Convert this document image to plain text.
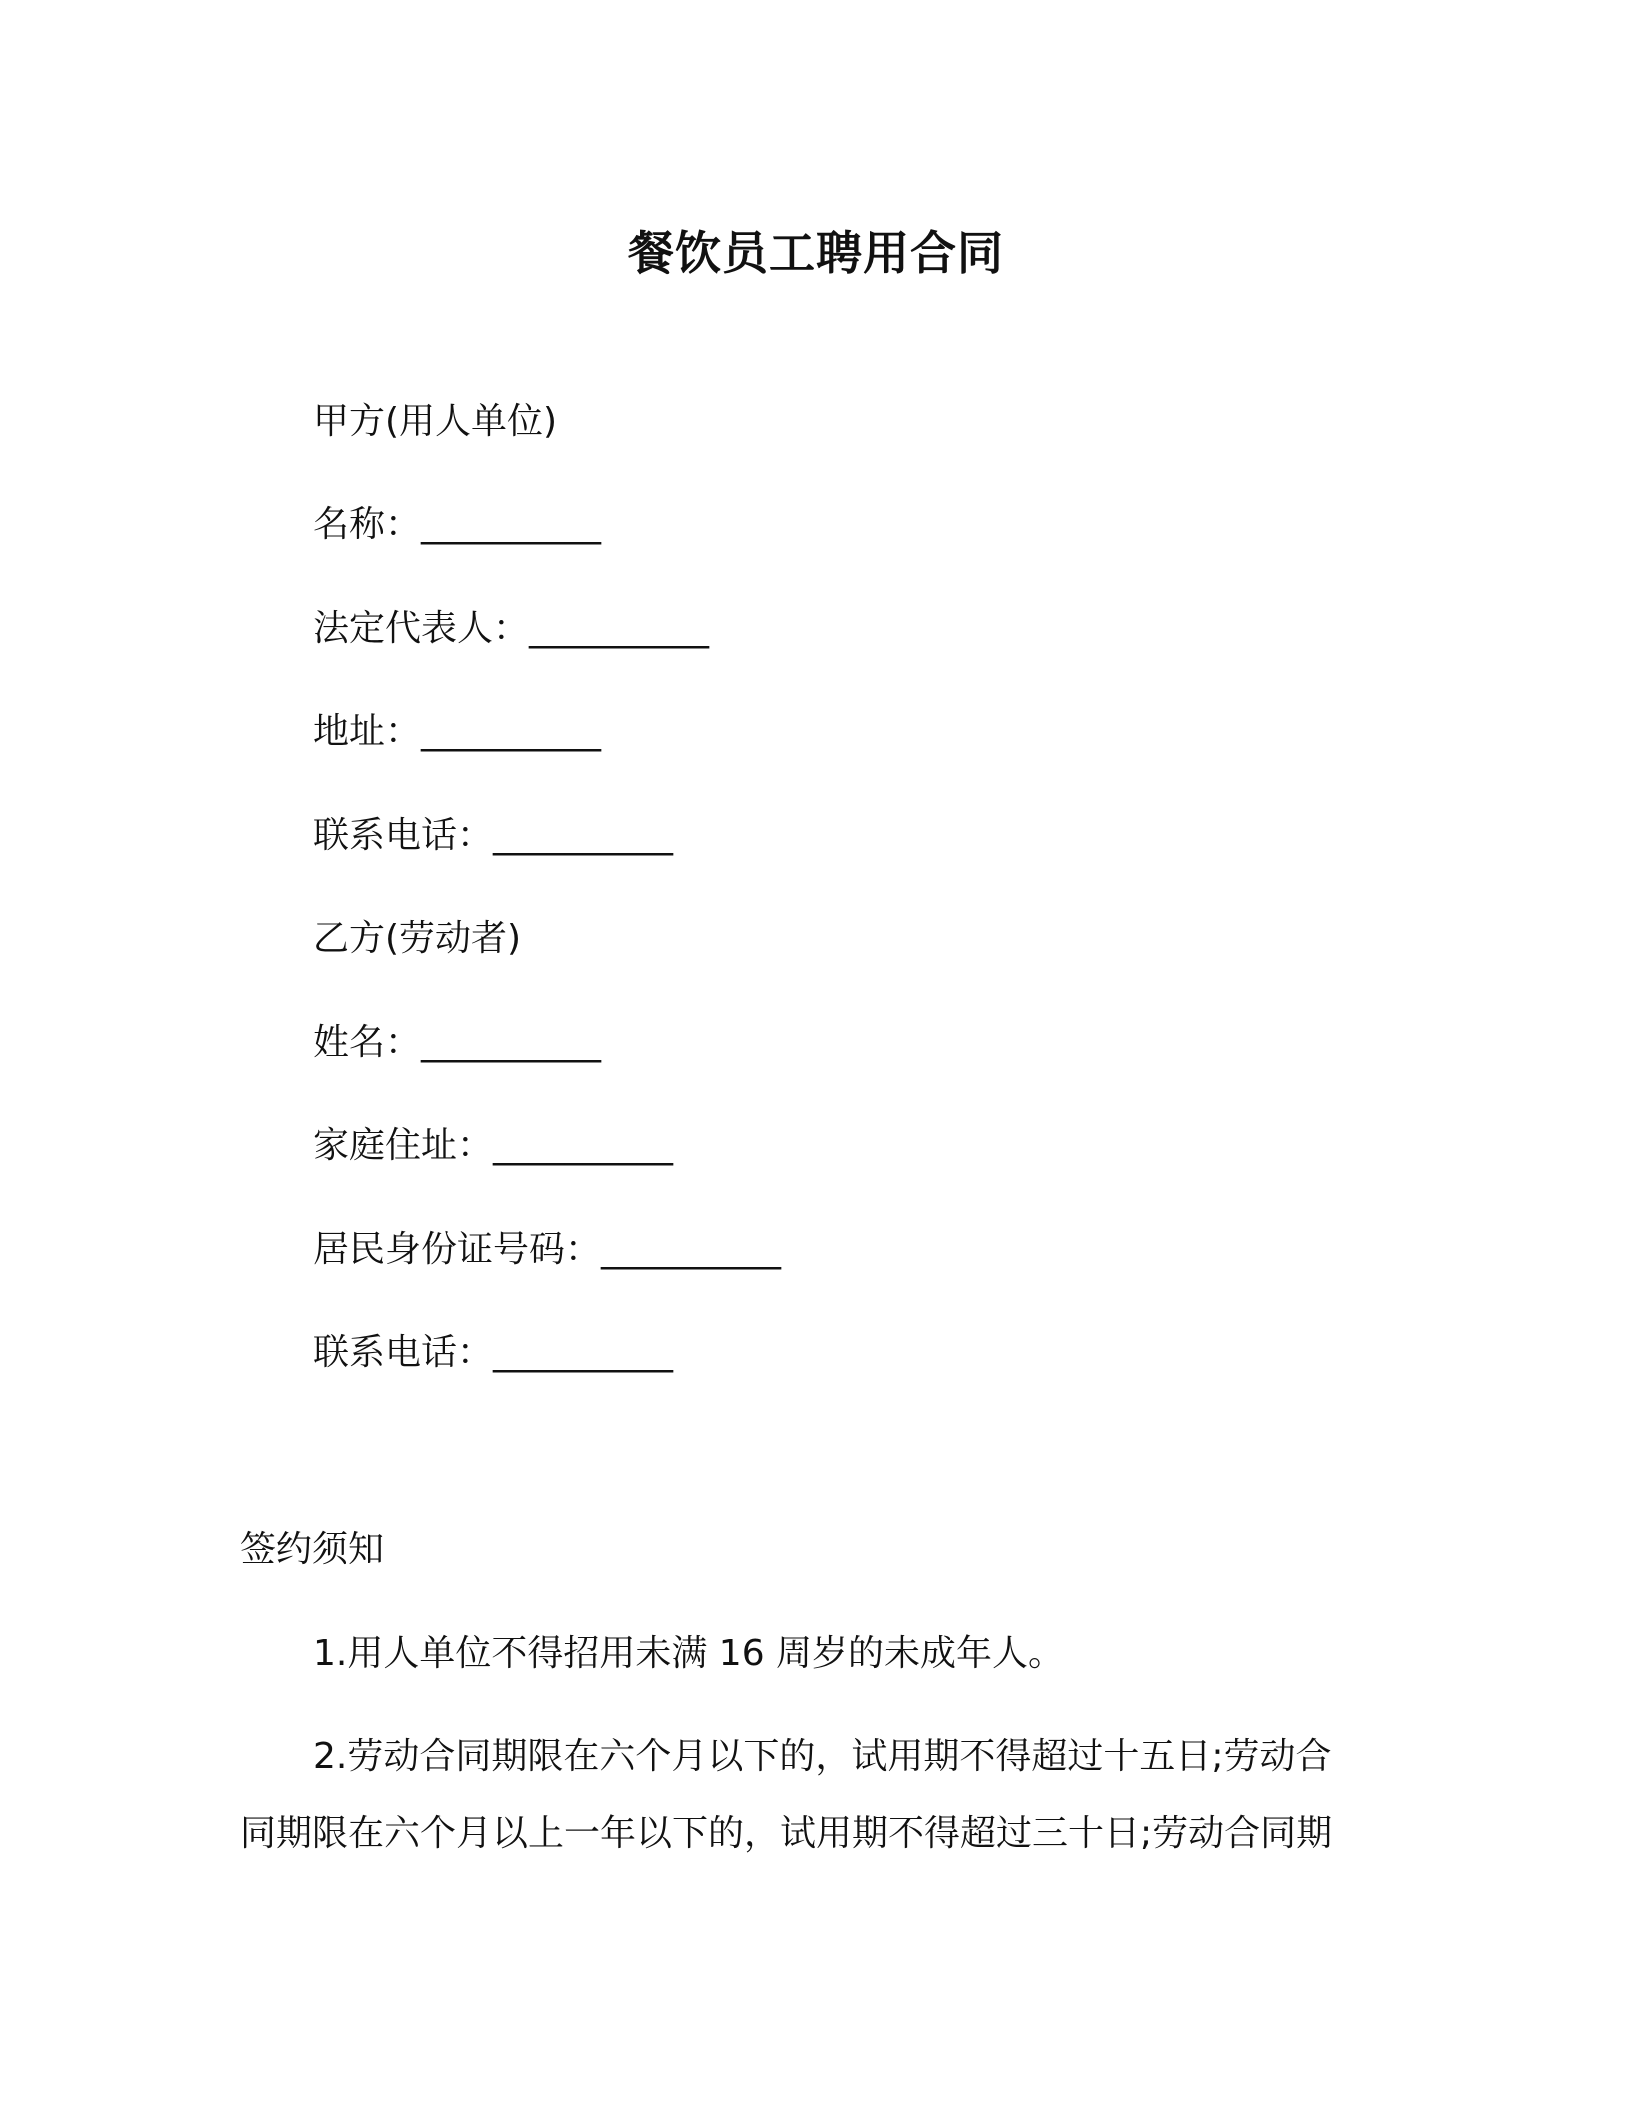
餐饮员工聘用合同
甲方(用人单位)
名称：__________
法定代表人：__________
地址：__________
联系电话：__________
乙方(劳动者)
姓名：__________
家庭住址：__________
居民身份证号码：__________
联系电话：__________
签约须知
1.用人单位不得招用未满 16 周岁的未成年人。
2.劳动合同期限在六个月以下的，试用期不得超过十五日;劳动合
同期限在六个月以上一年以下的，试用期不得超过三十日;劳动合同期
